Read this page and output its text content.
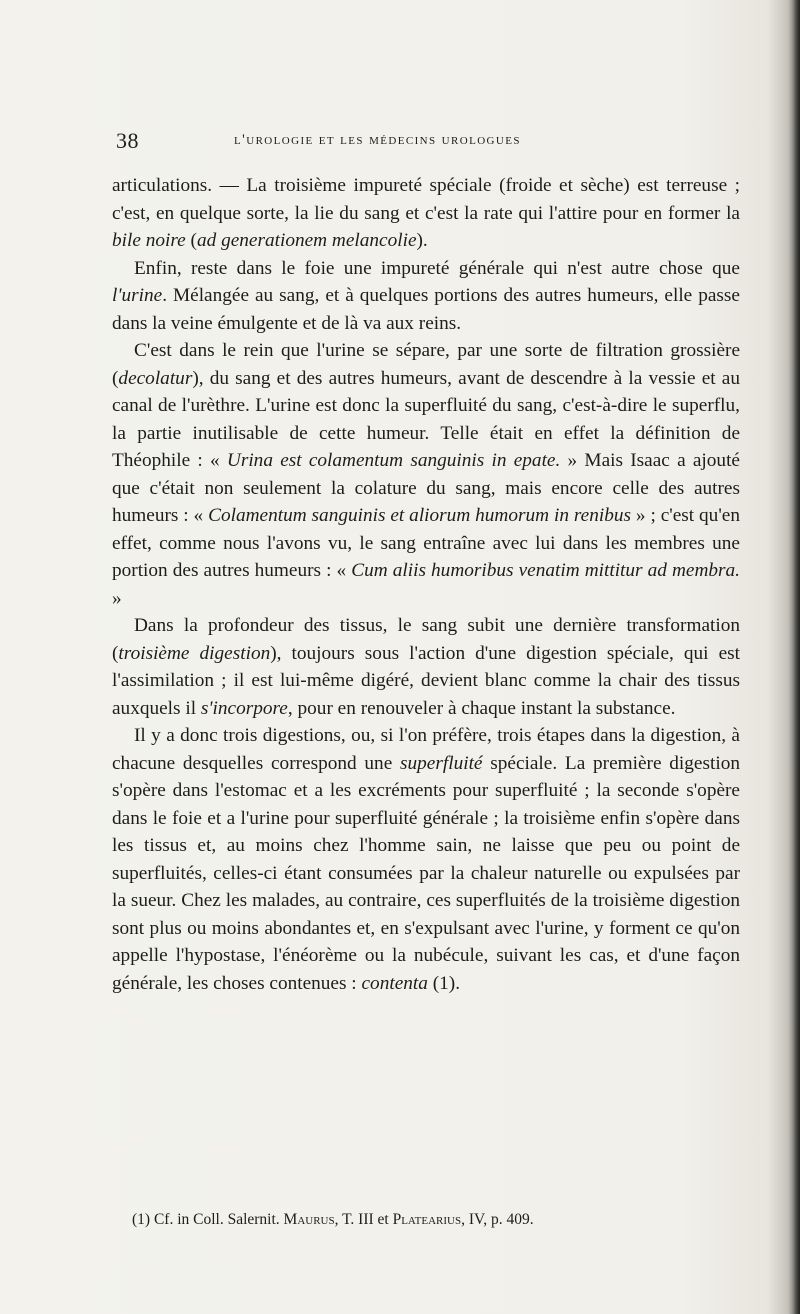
38	l'urologie et les médecins urologues

articulations. — La troisième impureté spéciale (froide et sèche) est terreuse ; c'est, en quelque sorte, la lie du sang et c'est la rate qui l'attire pour en former la bile noire (ad generationem melancolie).

Enfin, reste dans le foie une impureté générale qui n'est autre chose que l'urine. Mélangée au sang, et à quelques portions des autres humeurs, elle passe dans la veine émulgente et de là va aux reins.

C'est dans le rein que l'urine se sépare, par une sorte de filtration grossière (decolatur), du sang et des autres humeurs, avant de descendre à la vessie et au canal de l'urèthre. L'urine est donc la superfluité du sang, c'est-à-dire le superflu, la partie inutilisable de cette humeur. Telle était en effet la définition de Théophile : « Urina est colamentum sanguinis in epate. » Mais Isaac a ajouté que c'était non seulement la colature du sang, mais encore celle des autres humeurs : « Colamentum sanguinis et aliorum humorum in renibus » ; c'est qu'en effet, comme nous l'avons vu, le sang entraîne avec lui dans les membres une portion des autres humeurs : « Cum aliis humoribus venatim mittitur ad membra. »

Dans la profondeur des tissus, le sang subit une dernière transformation (troisième digestion), toujours sous l'action d'une digestion spéciale, qui est l'assimilation ; il est lui-même digéré, devient blanc comme la chair des tissus auxquels il s'incorpore, pour en renouveler à chaque instant la substance.

Il y a donc trois digestions, ou, si l'on préfère, trois étapes dans la digestion, à chacune desquelles correspond une superfluité spéciale. La première digestion s'opère dans l'estomac et a les excréments pour superfluité ; la seconde s'opère dans le foie et a l'urine pour superfluité générale ; la troisième enfin s'opère dans les tissus et, au moins chez l'homme sain, ne laisse que peu ou point de superfluités, celles-ci étant consumées par la chaleur naturelle ou expulsées par la sueur. Chez les malades, au contraire, ces superfluités de la troisième digestion sont plus ou moins abondantes et, en s'expulsant avec l'urine, y forment ce qu'on appelle l'hypostase, l'énéorème ou la nubécule, suivant les cas, et d'une façon générale, les choses contenues : contenta (1).

(1) Cf. in Coll. Salernit. Maurus, T. III et Platearius, IV, p. 409.
